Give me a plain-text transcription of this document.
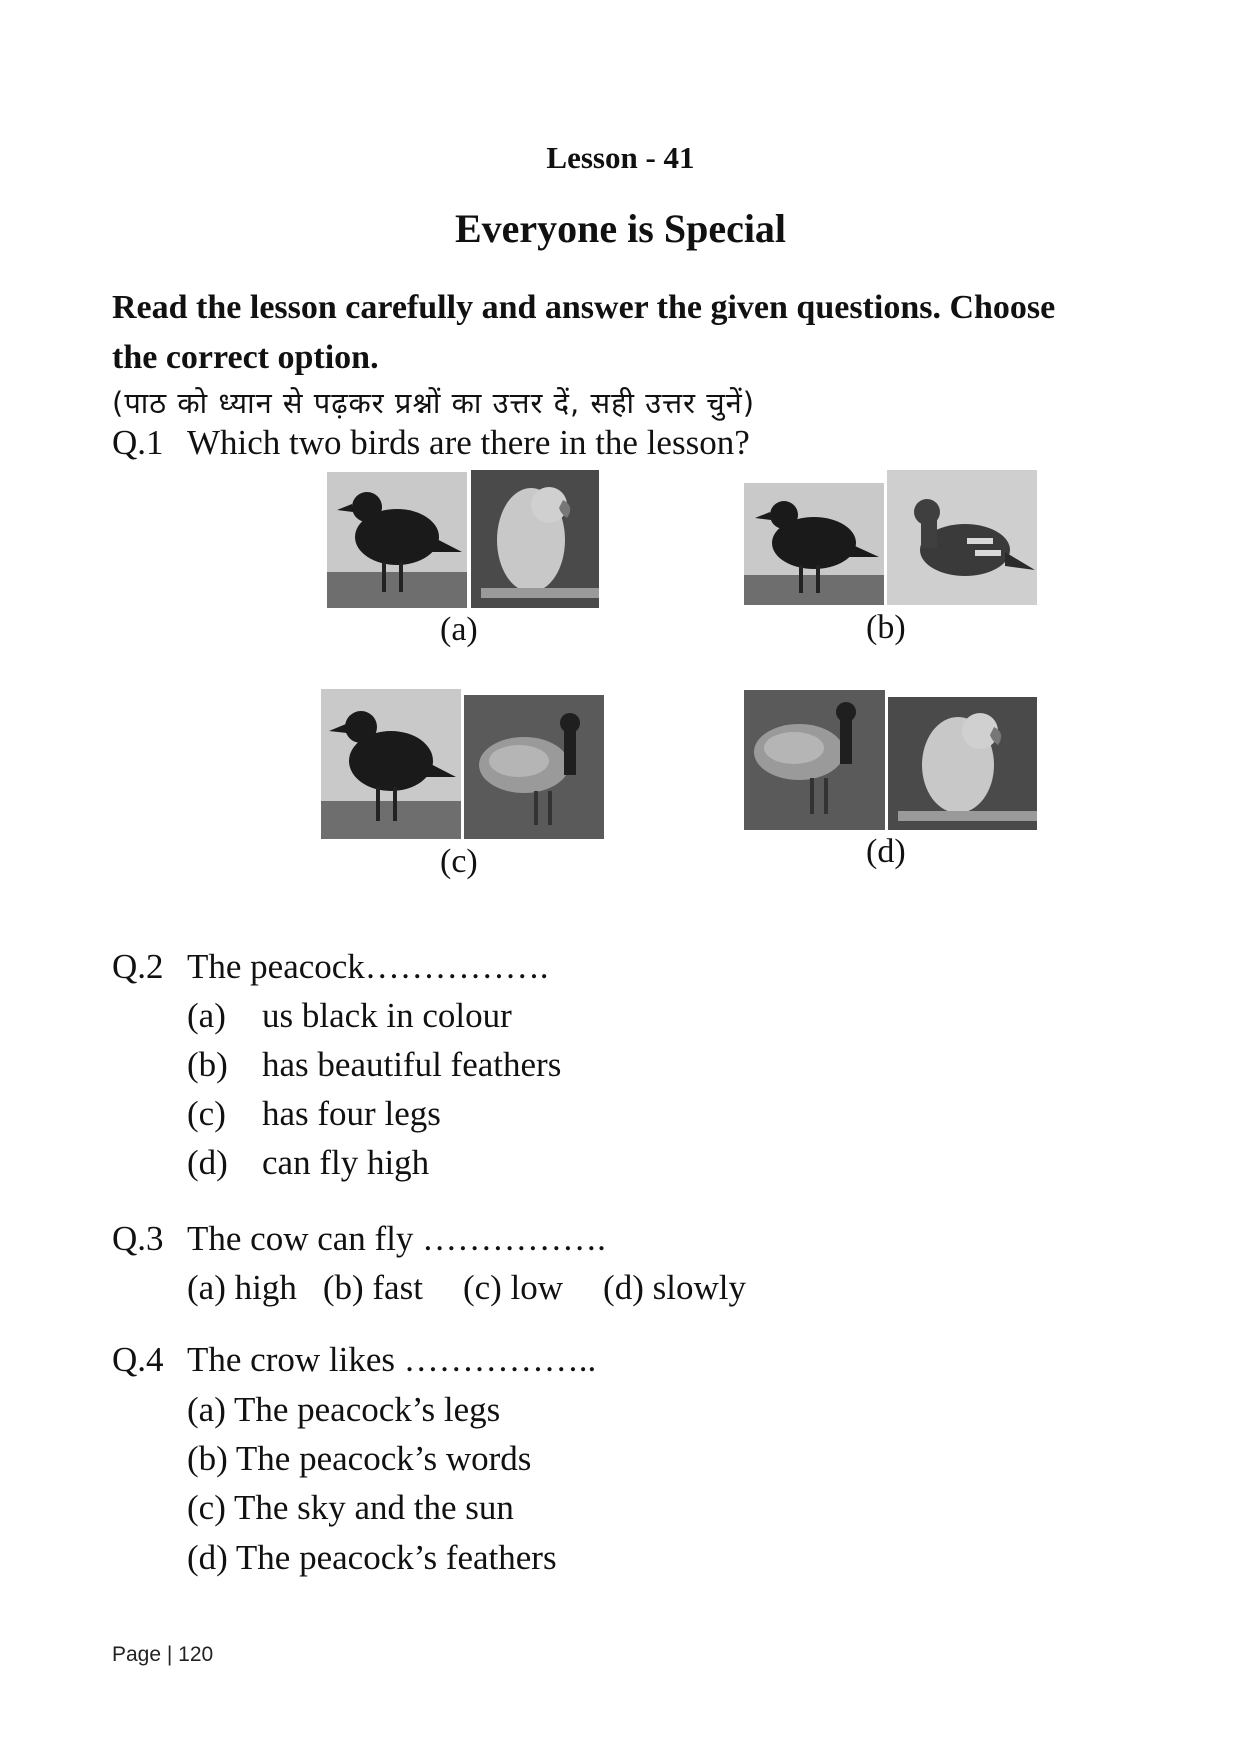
Lesson - 41
Everyone is Special
Read the lesson carefully and answer the given questions. Choose
the correct option.
(पाठ को ध्यान से पढ़कर प्रश्नों का उत्तर दें, सही उत्तर चुनें)
Q.1 Which two birds are there in the lesson?
(a)	(b)
(c)	(d)
Q.2 The peacock…………….
(a) us black in colour
(b) has beautiful feathers
(c) has four legs
(d) can fly high
Q.3 The cow can fly …………….
(a) high (b) fast (c) low (d) slowly
Q.4 The crow likes ……………..
(a) The peacock’s legs
(b) The peacock’s words
(c) The sky and the sun
(d) The peacock’s feathers
Page | 120
